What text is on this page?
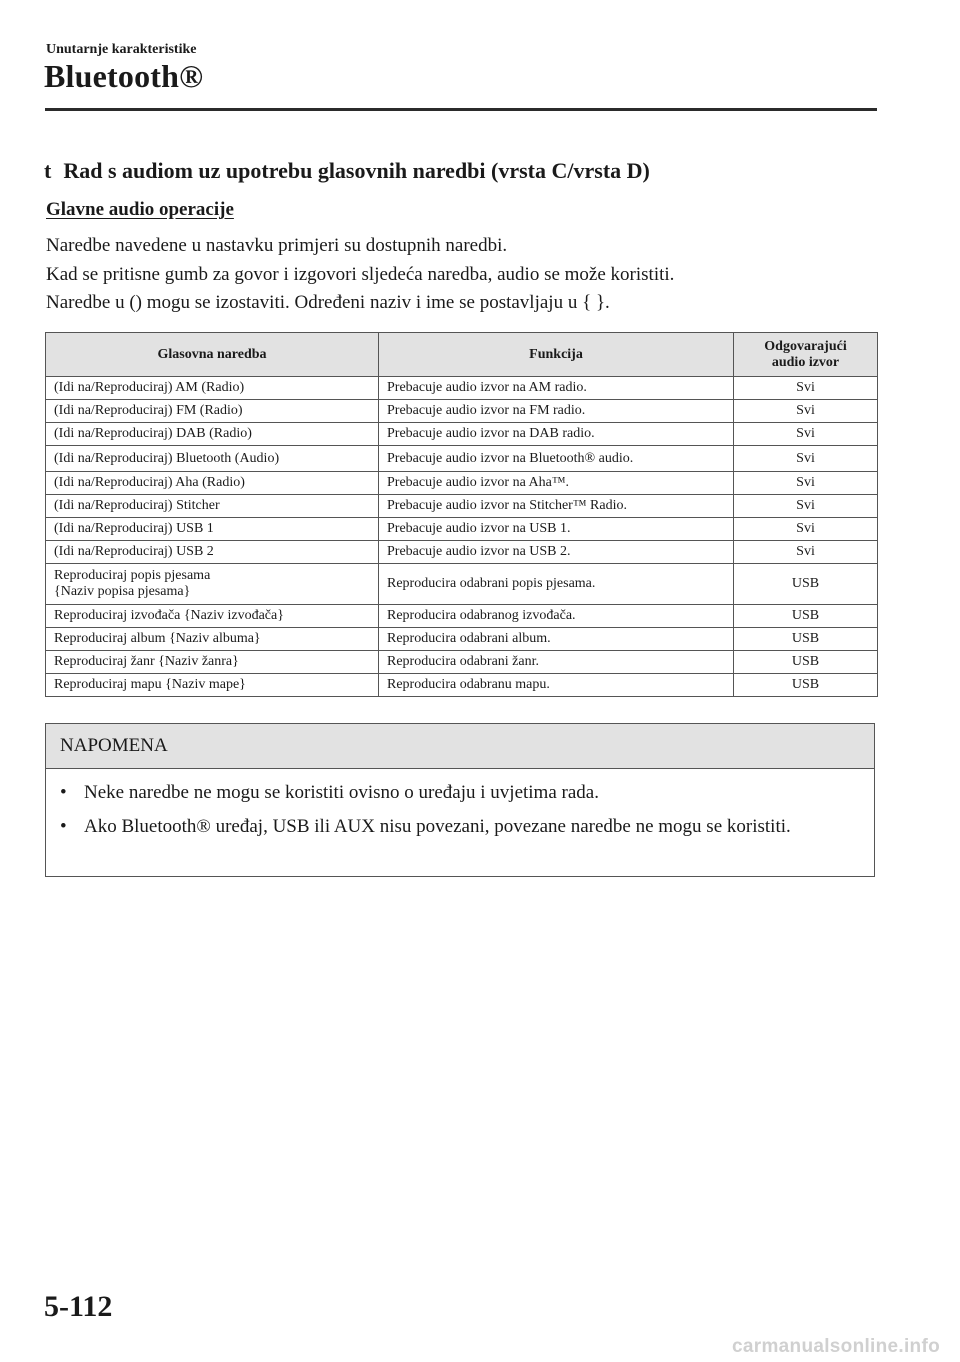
Unutarnje karakteristike

Bluetooth®
t Rad s audiom uz upotrebu glasovnih naredbi (vrsta C/vrsta D)
Glavne audio operacije

Naredbe navedene u nastavku primjeri su dostupnih naredbi.

Kad se pritisne gumb za govor i izgovori sljedeća naredba, audio se može koristiti.

Naredbe u () mogu se izostaviti. Određeni naziv i ime se postavljaju u { }.

Glasovna naredba	Funkcija	Odgovarajući
audio izvor
(Idi na/Reproduciraj) AM (Radio)	Prebacuje audio izvor na AM radio.	Svi
(Idi na/Reproduciraj) FM (Radio)	Prebacuje audio izvor na FM radio.	Svi
(Idi na/Reproduciraj) DAB (Radio)	Prebacuje audio izvor na DAB radio.	Svi
(Idi na/Reproduciraj) Bluetooth (Audio)	Prebacuje audio izvor na Bluetooth® audio.	Svi
(Idi na/Reproduciraj) Aha (Radio)	Prebacuje audio izvor na Aha™.	Svi
(Idi na/Reproduciraj) Stitcher	Prebacuje audio izvor na Stitcher™ Radio.	Svi
(Idi na/Reproduciraj) USB 1	Prebacuje audio izvor na USB 1.	Svi
(Idi na/Reproduciraj) USB 2	Prebacuje audio izvor na USB 2.	Svi
Reproduciraj popis pjesama
{Naziv popisa pjesama}	Reproducira odabrani popis pjesama.	USB
Reproduciraj izvođača {Naziv izvođača}	Reproducira odabranog izvođača.	USB
Reproduciraj album {Naziv albuma}	Reproducira odabrani album.	USB
Reproduciraj žanr {Naziv žanra}	Reproducira odabrani žanr.	USB
Reproduciraj mapu {Naziv mape}	Reproducira odabranu mapu.	USB
NAPOMENA
• Neke naredbe ne mogu se koristiti ovisno o uređaju i uvjetima rada.
• Ako Bluetooth® uređaj, USB ili AUX nisu povezani, povezane naredbe ne mogu se koristiti.

5-112

carmanualsonline.info
